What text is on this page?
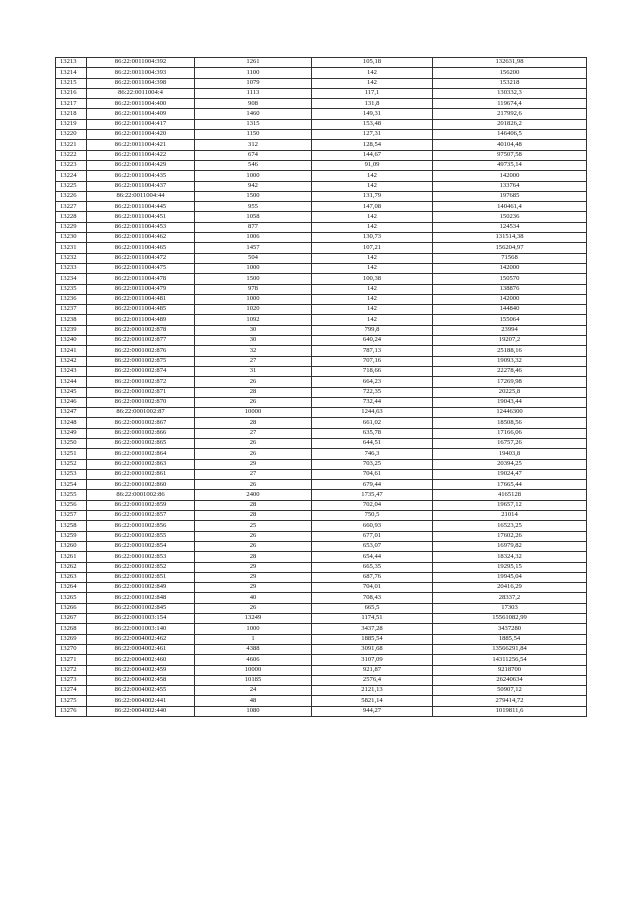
13213	86:22:0011004:392	1261	105,18	132631,98
13214	86:22:0011004:393	1100	142	156200
13215	86:22:0011004:398	1079	142	153218
13216	86:22:0011004:4	1113	117,1	130332,3
13217	86:22:0011004:400	908	131,8	119674,4
13218	86:22:0011004:409	1460	149,31	217992,6
13219	86:22:0011004:417	1315	153,48	201826,2
13220	86:22:0011004:420	1150	127,31	146406,5
13221	86:22:0011004:421	312	128,54	40104,48
13222	86:22:0011004:422	674	144,67	97507,58
13223	86:22:0011004:429	546	91,09	49735,14
13224	86:22:0011004:435	1000	142	142000
13225	86:22:0011004:437	942	142	133764
13226	86:22:0011004:44	1500	131,79	197685
13227	86:22:0011004:445	955	147,08	140461,4
13228	86:22:0011004:451	1058	142	150236
13229	86:22:0011004:453	877	142	124534
13230	86:22:0011004:462	1006	130,73	131514,38
13231	86:22:0011004:465	1457	107,21	156204,97
13232	86:22:0011004:472	504	142	71568
13233	86:22:0011004:475	1000	142	142000
13234	86:22:0011004:478	1500	100,38	150570
13235	86:22:0011004:479	978	142	138876
13236	86:22:0011004:481	1000	142	142000
13237	86:22:0011004:485	1020	142	144840
13238	86:22:0011004:489	1092	142	155064
13239	86:22:0001002:878	30	799,8	23994
13240	86:22:0001002:877	30	640,24	19207,2
13241	86:22:0001002:876	32	787,13	25188,16
13242	86:22:0001002:875	27	707,16	19093,32
13243	86:22:0001002:874	31	718,66	22278,46
13244	86:22:0001002:872	26	664,23	17269,98
13245	86:22:0001002:871	28	722,35	20225,8
13246	86:22:0001002:870	26	732,44	19043,44
13247	86:22:0001002:87	10000	1244,63	12446300
13248	86:22:0001002:867	28	661,02	18508,56
13249	86:22:0001002:866	27	635,78	17166,06
13250	86:22:0001002:865	26	644,51	16757,26
13251	86:22:0001002:864	26	746,3	19403,8
13252	86:22:0001002:863	29	703,25	20394,25
13253	86:22:0001002:861	27	704,61	19024,47
13254	86:22:0001002:860	26	679,44	17665,44
13255	86:22:0001002:86	2400	1735,47	4165128
13256	86:22:0001002:859	28	702,04	19657,12
13257	86:22:0001002:857	28	750,5	21014
13258	86:22:0001002:856	25	660,93	16523,25
13259	86:22:0001002:855	26	677,01	17602,26
13260	86:22:0001002:854	26	653,07	16979,82
13261	86:22:0001002:853	28	654,44	18324,32
13262	86:22:0001002:852	29	665,35	19295,15
13263	86:22:0001002:851	29	687,76	19945,04
13264	86:22:0001002:849	29	704,01	20416,29
13265	86:22:0001002:848	40	708,43	28337,2
13266	86:22:0001002:845	26	665,5	17303
13267	86:22:0001003:154	13249	1174,51	15561082,99
13268	86:22:0001003:140	1000	3437,28	3437280
13269	86:22:0004002:462	1	1885,54	1885,54
13270	86:22:0004002:461	4388	3091,68	13566291,84
13271	86:22:0004002:460	4606	3107,09	14311256,54
13272	86:22:0004002:459	10000	921,87	9218700
13273	86:22:0004002:458	10185	2576,4	26240634
13274	86:22:0004002:455	24	2121,13	50907,12
13275	86:22:0004002:441	48	5821,14	279414,72
13276	86:22:0004002:440	1080	944,27	1019811,6
